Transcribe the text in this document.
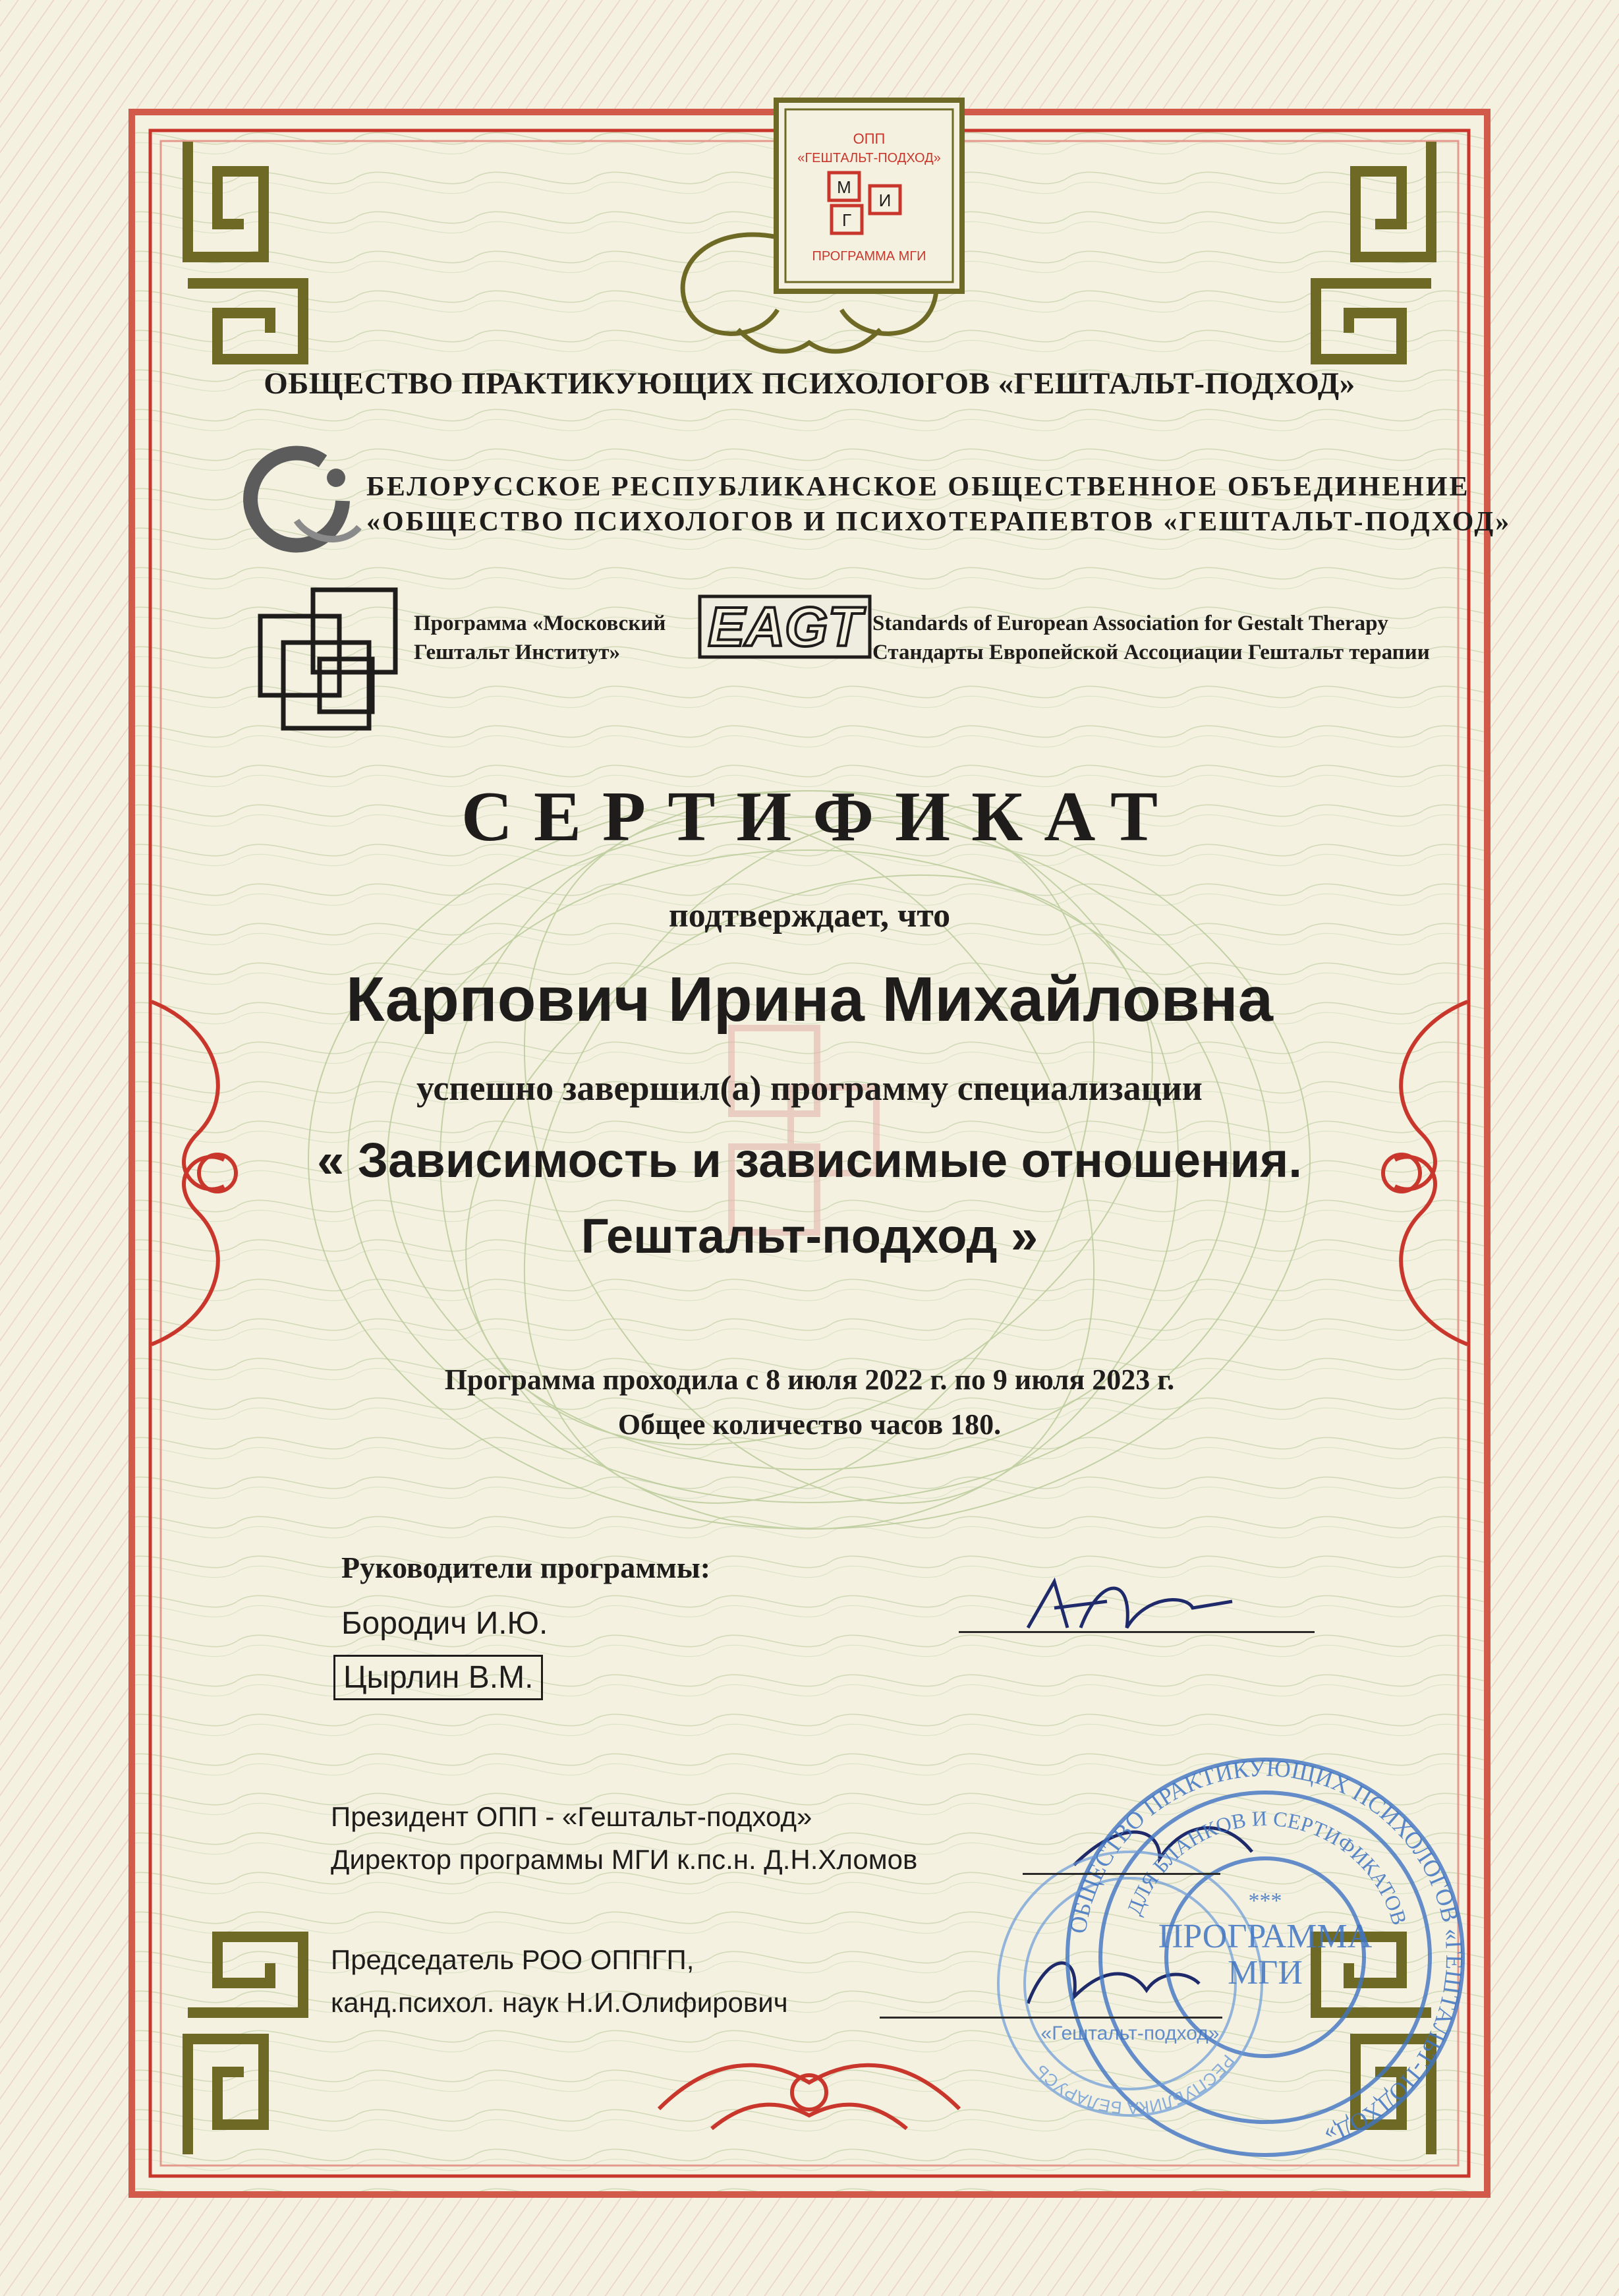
EAGT
ПРОГРАММА
МГИ
***
«Гештальт-подход»
ОБЩЕСТВО ПРАКТИКУЮЩИХ ПСИХОЛОГОВ «ГЕШТАЛЬТ-ПОДХОД»
ДЛЯ БЛАНКОВ И СЕРТИФИКАТОВ
РЕСПУБЛИКА БЕЛАРУСЬ
ОПП
«ГЕШТАЛЬТ-ПОДХОД»
М
Г
И
ПРОГРАММА МГИ
ОБЩЕСТВО ПРАКТИКУЮЩИХ ПСИХОЛОГОВ «ГЕШТАЛЬТ-ПОДХОД»
БЕЛОРУССКОЕ РЕСПУБЛИКАНСКОЕ ОБЩЕСТВЕННОЕ ОБЪЕДИНЕНИЕ
«ОБЩЕСТВО ПСИХОЛОГОВ И ПСИХОТЕРАПЕВТОВ «ГЕШТАЛЬТ-ПОДХОД»
Программа «Московский
Гештальт Институт»
Standards of European Association for Gestalt Therapy
Стандарты Европейской Ассоциации Гештальт терапии
СЕРТИФИКАТ
подтверждает, что
Карпович Ирина Михайловна
успешно завершил(а) программу специализации
« Зависимость и зависимые отношения.
Гештальт-подход »
Программа проходила с 8 июля 2022 г. по 9 июля 2023 г.
Общее количество часов 180.
Руководители программы:
Бородич И.Ю.
Цырлин В.М.
Президент ОПП - «Гештальт-подход»
Директор программы МГИ к.пс.н. Д.Н.Хломов
Председатель РОО ОППГП,
канд.психол. наук Н.И.Олифирович
